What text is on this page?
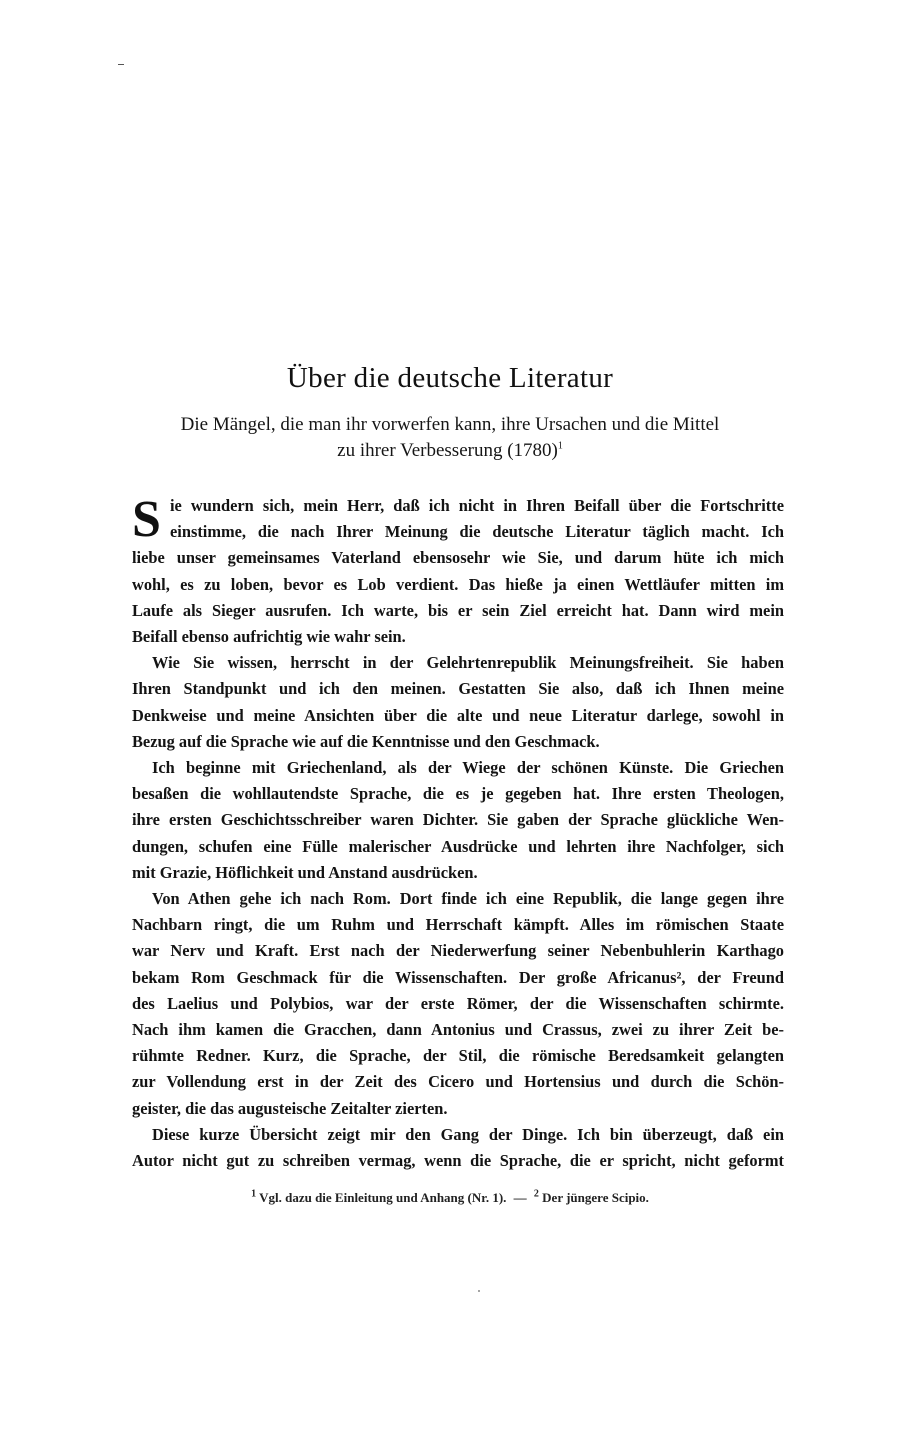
Über die deutsche Literatur
Die Mängel, die man ihr vorwerfen kann, ihre Ursachen und die Mittel
zu ihrer Verbesserung $(1780)^1$
S ie wundern sich, mein Herr, daß ich nicht in Ihren Beifall über die Fortschritte
einstimme, die nach Ihrer Meinung die deutsche Literatur täglich macht. Ich
liebe unser gemeinsames Vaterland ebensosehr wie Sie, und darum hüte ich mich
wohl, es zu loben, bevor es Lob verdient. Das hieße ja einen Wettläufer mitten im
Laufe als Sieger ausrufen. Ich warte, bis er sein Ziel erreicht hat. Dann wird mein
Beifall ebenso aufrichtig wie wahr sein.

Wie Sie wissen, herrscht in der Gelehrtenrepublik Meinungsfreiheit. Sie haben
Ihren Standpunkt und ich den meinen. Gestatten Sie also, daß ich Ihnen meine
Denkweise und meine Ansichten über die alte und neue Literatur darlege, sowohl in
Bezug auf die Sprache wie auf die Kenntnisse und den Geschmack.

Ich beginne mit Griechenland, als der Wiege der schönen Künste. Die Griechen
besaßen die wohllautendste Sprache, die es je gegeben hat. Ihre ersten Theologen,
ihre ersten Geschichtsschreiber waren Dichter. Sie gaben der Sprache glückliche Wen-
dungen, schufen eine Fülle malerischer Ausdrücke und lehrten ihre Nachfolger, sich
mit Grazie, Höflichkeit und Anstand ausdrücken.

Von Athen gehe ich nach Rom. Dort finde ich eine Republik, die lange gegen ihre
Nachbarn ringt, die um Ruhm und Herrschaft kämpft. Alles im römischen Staate
war Nerv und Kraft. Erst nach der Niederwerfung seiner Nebenbuhlerin Karthago
bekam Rom Geschmack für die Wissenschaften. Der große Africanus², der Freund
des Laelius und Polybios, war der erste Römer, der die Wissenschaften schirmte.
Nach ihm kamen die Gracchen, dann Antonius und Crassus, zwei zu ihrer Zeit be-
rühmte Redner. Kurz, die Sprache, der Stil, die römische Beredsamkeit gelangten
zur Vollendung erst in der Zeit des Cicero und Hortensius und durch die Schön-
geister, die das augusteische Zeitalter zierten.

Diese kurze Übersicht zeigt mir den Gang der Dinge. Ich bin überzeugt, daß ein
Autor nicht gut zu schreiben vermag, wenn die Sprache, die er spricht, nicht geformt

$^1$ Vgl. dazu die Einleitung und Anhang (Nr. 1). — $^2$ Der jüngere Scipio.
